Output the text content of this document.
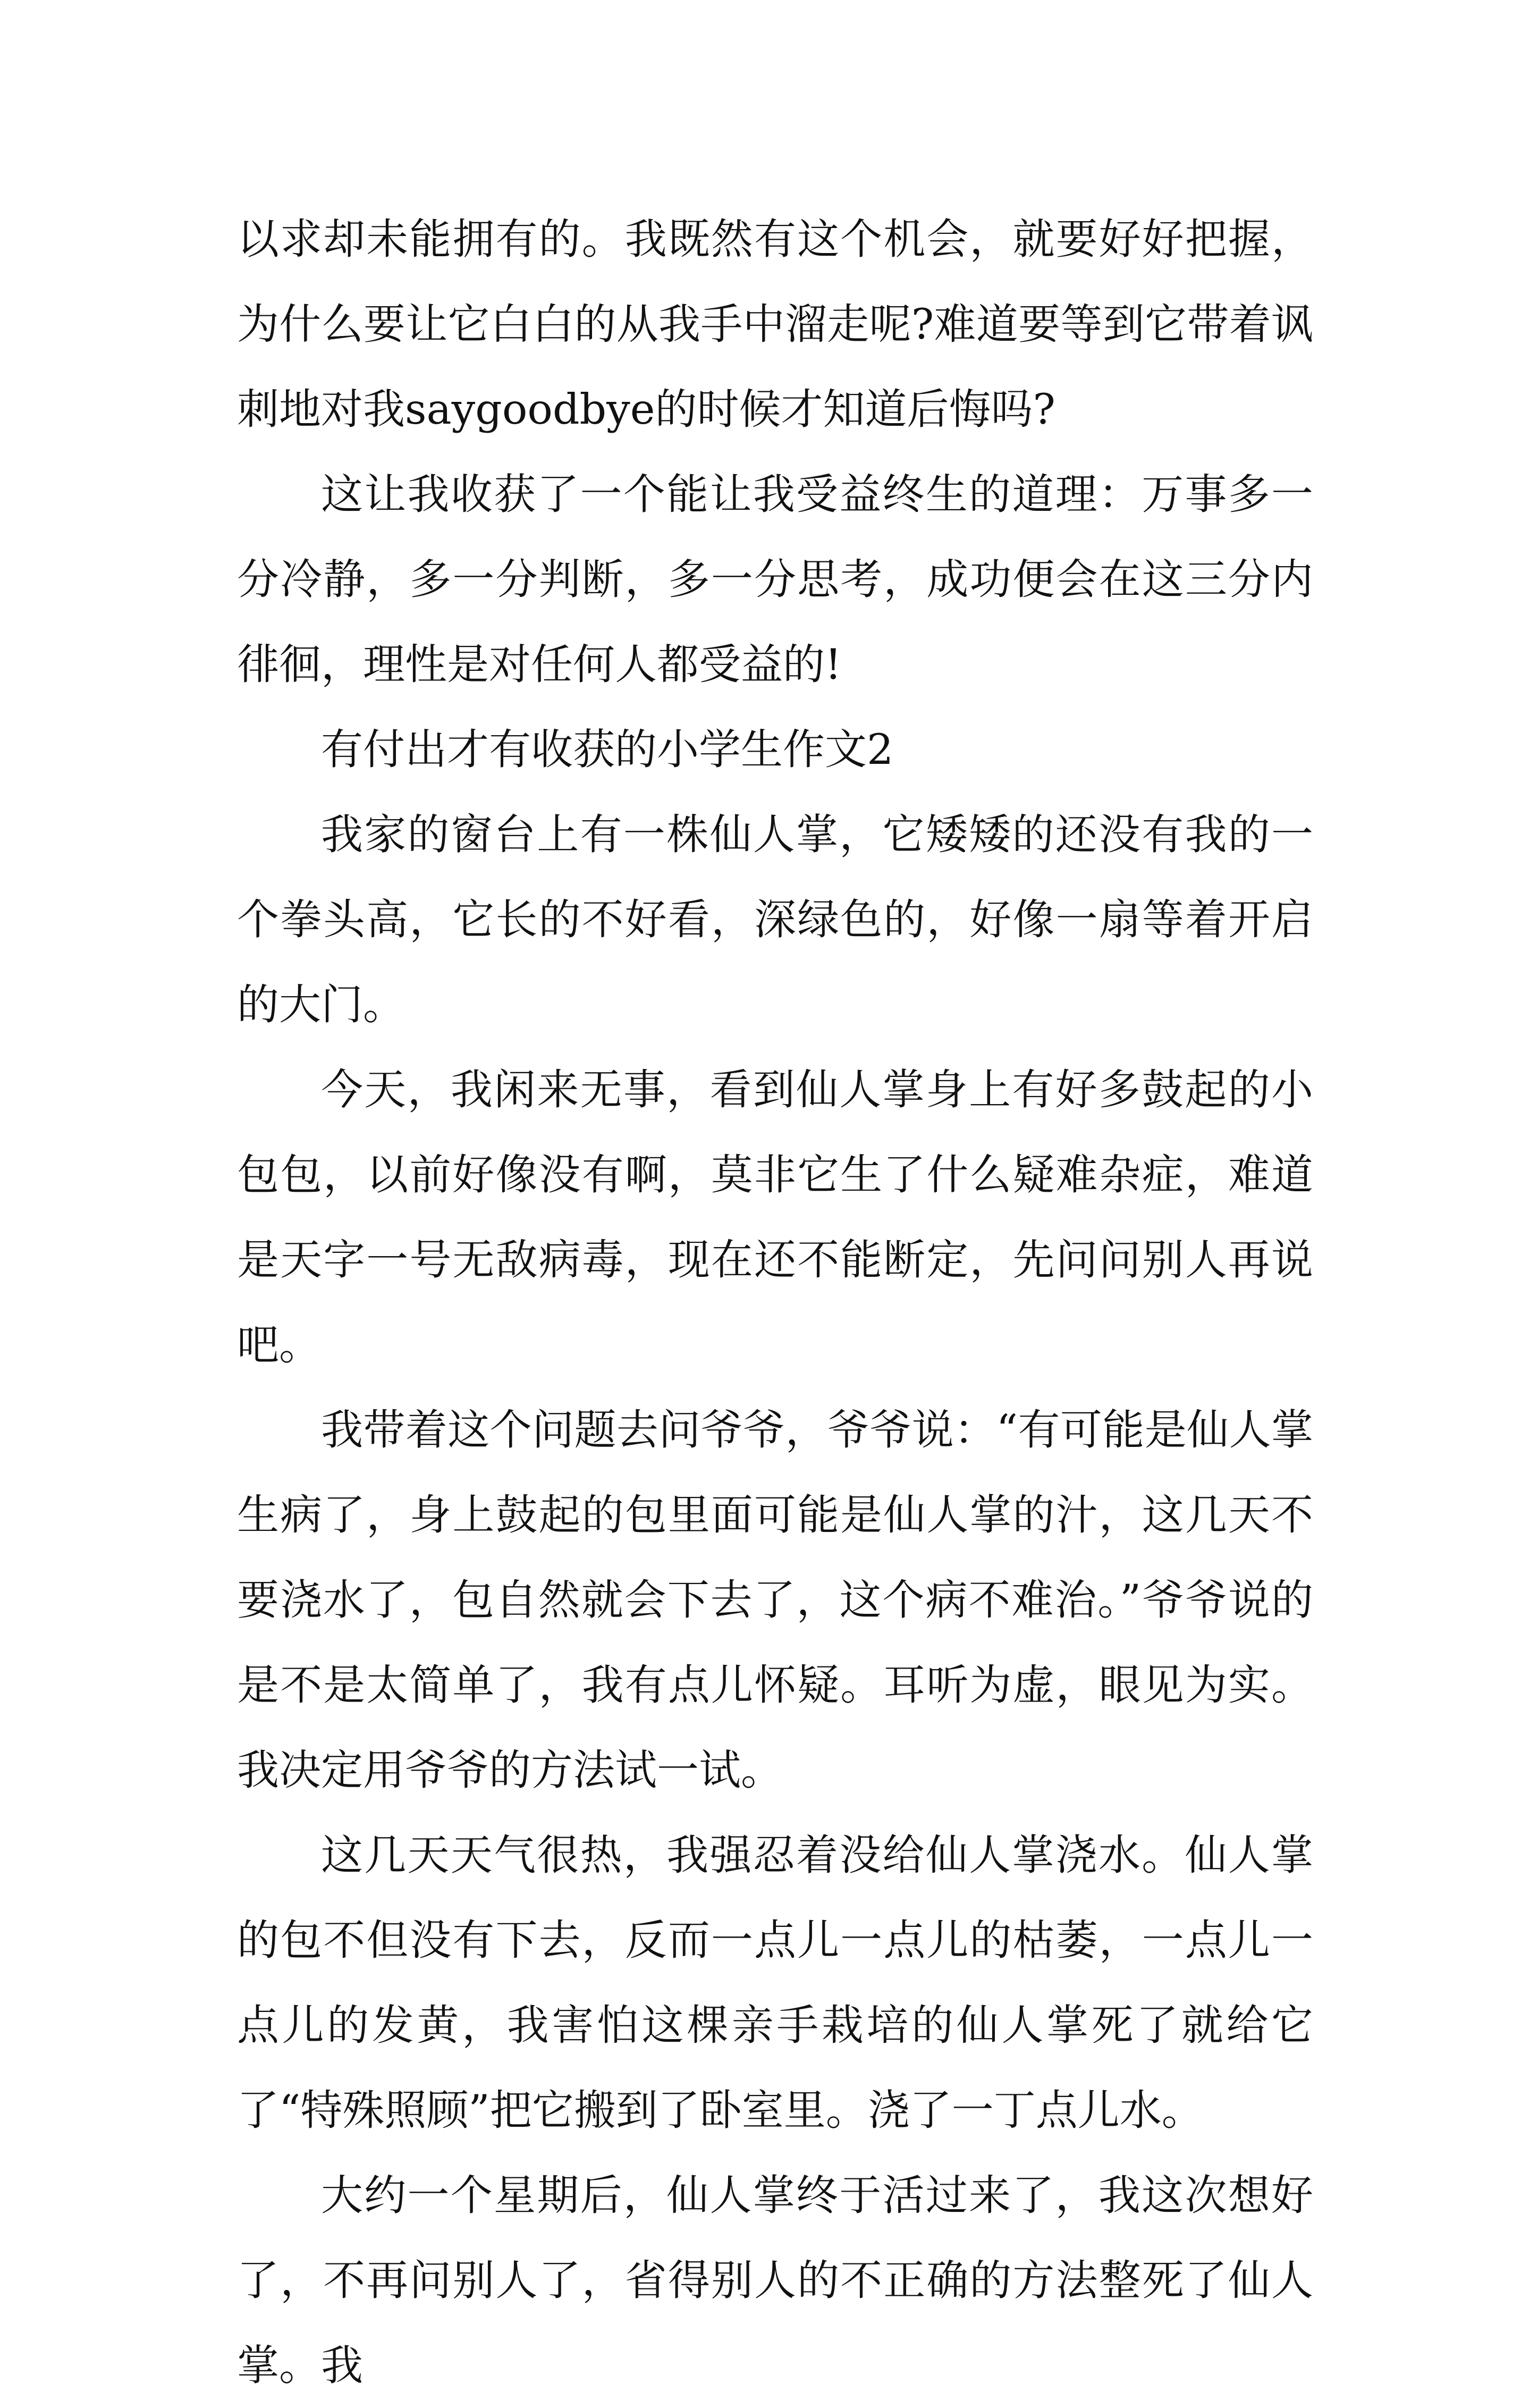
以求却未能拥有的。我既然有这个机会，就要好好把握，为什么要让它白白的从我手中溜走呢?难道要等到它带着讽刺地对我saygoodbye的时候才知道后悔吗?

这让我收获了一个能让我受益终生的道理：万事多一分冷静，多一分判断，多一分思考，成功便会在这三分内徘徊，理性是对任何人都受益的!

有付出才有收获的小学生作文2

我家的窗台上有一株仙人掌，它矮矮的还没有我的一个拳头高，它长的不好看，深绿色的，好像一扇等着开启的大门。

今天，我闲来无事，看到仙人掌身上有好多鼓起的小包包，以前好像没有啊，莫非它生了什么疑难杂症，难道是天字一号无敌病毒，现在还不能断定，先问问别人再说吧。

我带着这个问题去问爷爷，爷爷说：“有可能是仙人掌生病了，身上鼓起的包里面可能是仙人掌的汁，这几天不要浇水了，包自然就会下去了，这个病不难治。”爷爷说的是不是太简单了，我有点儿怀疑。耳听为虚，眼见为实。我决定用爷爷的方法试一试。

这几天天气很热，我强忍着没给仙人掌浇水。仙人掌的包不但没有下去，反而一点儿一点儿的枯萎，一点儿一点儿的发黄，我害怕这棵亲手栽培的仙人掌死了就给它了“特殊照顾”把它搬到了卧室里。浇了一丁点儿水。

大约一个星期后，仙人掌终于活过来了，我这次想好了，不再问别人了，省得别人的不正确的方法整死了仙人掌。我
